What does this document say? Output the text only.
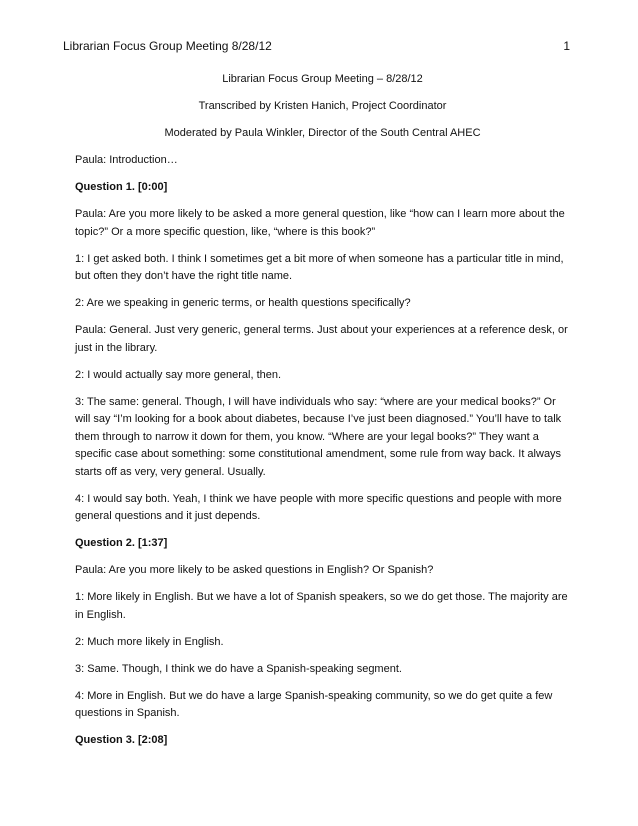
Librarian Focus Group Meeting 8/28/12	1
Librarian Focus Group Meeting – 8/28/12
Transcribed by Kristen Hanich, Project Coordinator
Moderated by Paula Winkler, Director of the South Central AHEC

Paula: Introduction…

Question 1. [0:00]

Paula: Are you more likely to be asked a more general question, like “how can I learn more about the topic?” Or a more specific question, like, “where is this book?”

1: I get asked both. I think I sometimes get a bit more of when someone has a particular title in mind, but often they don’t have the right title name.

2: Are we speaking in generic terms, or health questions specifically?

Paula: General. Just very generic, general terms. Just about your experiences at a reference desk, or just in the library.

2: I would actually say more general, then.

3: The same: general. Though, I will have individuals who say: “where are your medical books?” Or will say “I’m looking for a book about diabetes, because I’ve just been diagnosed.” You’ll have to talk them through to narrow it down for them, you know. “Where are your legal books?” They want a specific case about something: some constitutional amendment, some rule from way back. It always starts off as very, very general. Usually.

4: I would say both. Yeah, I think we have people with more specific questions and people with more general questions and it just depends.

Question 2. [1:37]

Paula: Are you more likely to be asked questions in English? Or Spanish?

1: More likely in English. But we have a lot of Spanish speakers, so we do get those. The majority are in English.

2: Much more likely in English.

3: Same. Though, I think we do have a Spanish-speaking segment.

4: More in English. But we do have a large Spanish-speaking community, so we do get quite a few questions in Spanish.

Question 3. [2:08]
